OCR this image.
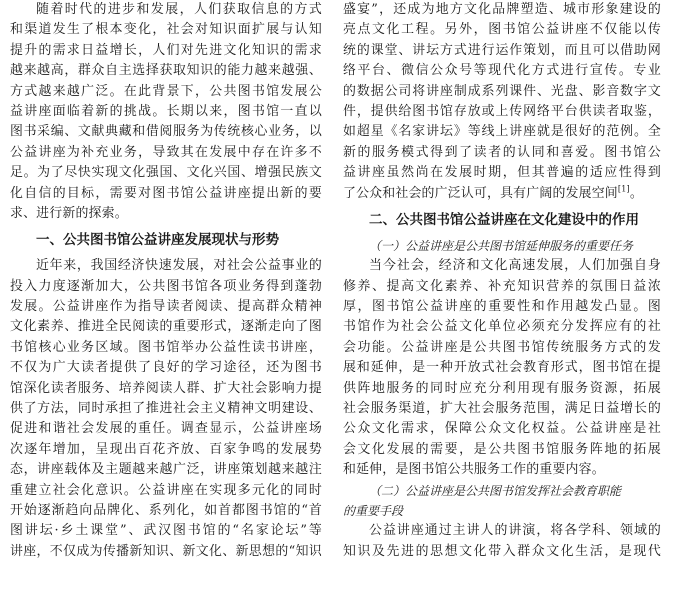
随着时代的进步和发展，人们获取信息的方式
和渠道发生了根本变化，社会对知识面扩展与认知
提升的需求日益增长，人们对先进文化知识的需求
越来越高，群众自主选择获取知识的能力越来越强、
方式越来越广泛。在此背景下，公共图书馆发展公
益讲座面临着新的挑战。长期以来，图书馆一直以
图书采编、文献典藏和借阅服务为传统核心业务，以
公益讲座为补充业务，导致其在发展中存在许多不
足。为了尽快实现文化强国、文化兴国、增强民族文
化自信的目标，需要对图书馆公益讲座提出新的要
求、进行新的探索。
一、公共图书馆公益讲座发展现状与形势
近年来，我国经济快速发展，对社会公益事业的
投入力度逐渐加大，公共图书馆各项业务得到蓬勃
发展。公益讲座作为指导读者阅读、提高群众精神
文化素养、推进全民阅读的重要形式，逐渐走向了图
书馆核心业务区域。图书馆举办公益性读书讲座，
不仅为广大读者提供了良好的学习途径，还为图书
馆深化读者服务、培养阅读人群、扩大社会影响力提
供了方法，同时承担了推进社会主义精神文明建设、
促进和谐社会发展的重任。调查显示，公益讲座场
次逐年增加，呈现出百花齐放、百家争鸣的发展势
态，讲座载体及主题越来越广泛，讲座策划越来越注
重建立社会化意识。公益讲座在实现多元化的同时
开始逐渐趋向品牌化、系列化，如首都图书馆的“首
图讲坛·乡土课堂”、武汉图书馆的“名家论坛”等
讲座，不仅成为传播新知识、新文化、新思想的“知识
盛宴”，还成为地方文化品牌塑造、城市形象建设的
亮点文化工程。另外，图书馆公益讲座不仅能以传
统的课堂、讲坛方式进行运作策划，而且可以借助网
络平台、微信公众号等现代化方式进行宣传。专业
的数据公司将讲座制成系列课件、光盘、影音数字文
件，提供给图书馆存放或上传网络平台供读者取鉴，
如超星《名家讲坛》等线上讲座就是很好的范例。全
新的服务模式得到了读者的认同和喜爱。图书馆公
益讲座虽然尚在发展时期，但其普遍的适应性得到
了公众和社会的广泛认可，具有广阔的发展空间[1]。
二、公共图书馆公益讲座在文化建设中的作用
（一）公益讲座是公共图书馆延伸服务的重要任务
当今社会，经济和文化高速发展，人们加强自身
修养、提高文化素养、补充知识营养的氛围日益浓
厚，图书馆公益讲座的重要性和作用越发凸显。图
书馆作为社会公益文化单位必须充分发挥应有的社
会功能。公益讲座是公共图书馆传统服务方式的发
展和延伸，是一种开放式社会教育形式，图书馆在提
供阵地服务的同时应充分利用现有服务资源，拓展
社会服务渠道，扩大社会服务范围，满足日益增长的
公众文化需求，保障公众文化权益。公益讲座是社
会文化发展的需要，是公共图书馆服务阵地的拓展
和延伸，是图书馆公共服务工作的重要内容。
（二）公益讲座是公共图书馆发挥社会教育职能
的重要手段
公益讲座通过主讲人的讲演，将各学科、领域的
知识及先进的思想文化带入群众文化生活，是现代
